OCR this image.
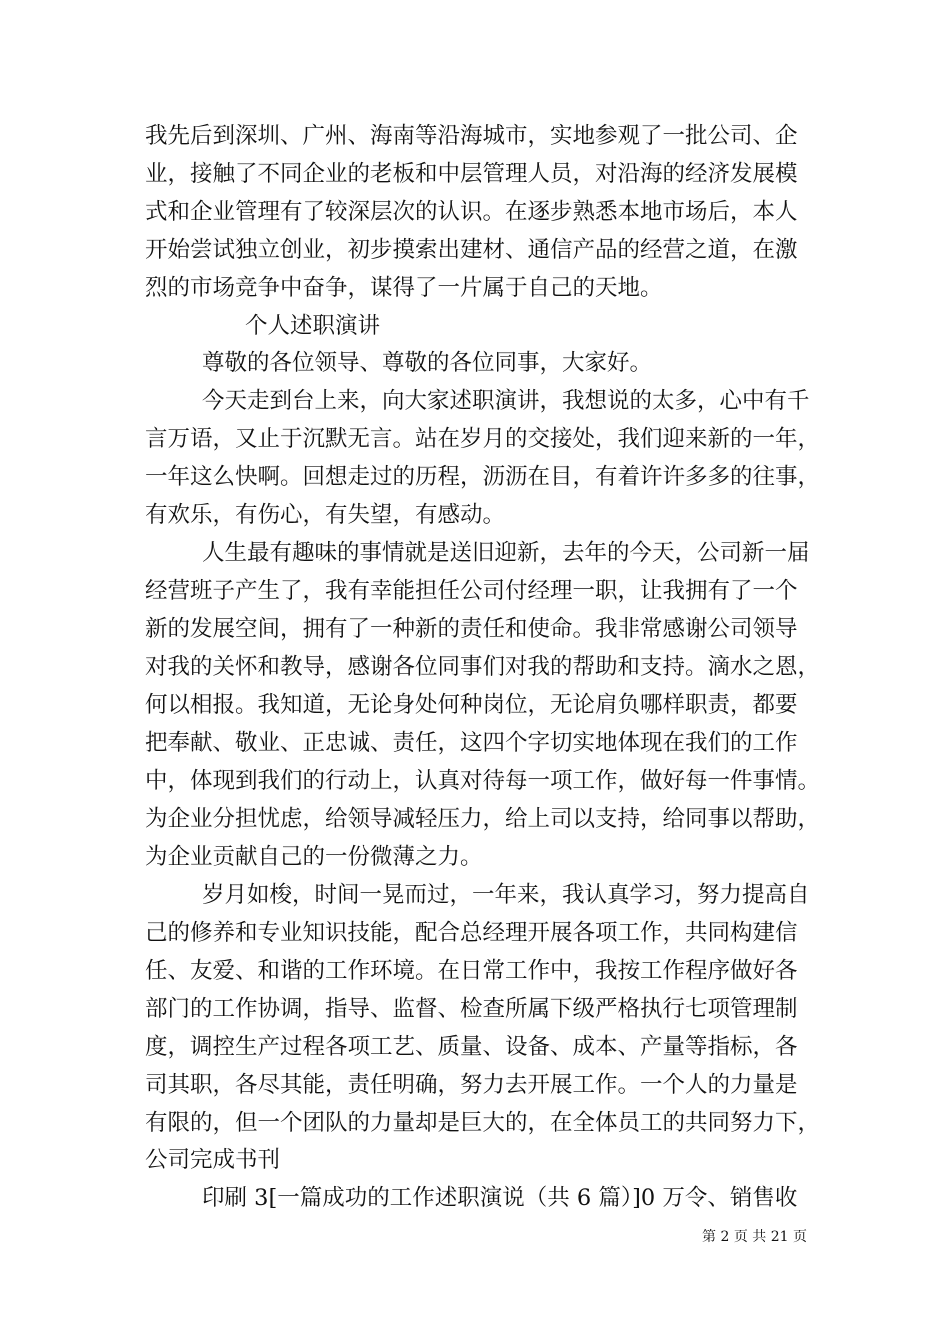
我先后到深圳、广州、海南等沿海城市，实地参观了一批公司、企
业，接触了不同企业的老板和中层管理人员，对沿海的经济发展模
式和企业管理有了较深层次的认识。在逐步熟悉本地市场后，本人
开始尝试独立创业，初步摸索出建材、通信产品的经营之道，在激
烈的市场竞争中奋争，谋得了一片属于自己的天地。
个人述职演讲
尊敬的各位领导、尊敬的各位同事，大家好。
今天走到台上来，向大家述职演讲，我想说的太多，心中有千
言万语，又止于沉默无言。站在岁月的交接处，我们迎来新的一年，
一年这么快啊。回想走过的历程，沥沥在目，有着许许多多的往事，
有欢乐，有伤心，有失望，有感动。
人生最有趣味的事情就是送旧迎新，去年的今天，公司新一届
经营班子产生了，我有幸能担任公司付经理一职，让我拥有了一个
新的发展空间，拥有了一种新的责任和使命。我非常感谢公司领导
对我的关怀和教导，感谢各位同事们对我的帮助和支持。滴水之恩，
何以相报。我知道，无论身处何种岗位，无论肩负哪样职责，都要
把奉献、敬业、正忠诚、责任，这四个字切实地体现在我们的工作
中，体现到我们的行动上，认真对待每一项工作，做好每一件事情。
为企业分担忧虑，给领导减轻压力，给上司以支持，给同事以帮助，
为企业贡献自己的一份微薄之力。
岁月如梭，时间一晃而过，一年来，我认真学习，努力提高自
己的修养和专业知识技能，配合总经理开展各项工作，共同构建信
任、友爱、和谐的工作环境。在日常工作中，我按工作程序做好各
部门的工作协调，指导、监督、检查所属下级严格执行七项管理制
度，调控生产过程各项工艺、质量、设备、成本、产量等指标，各
司其职，各尽其能，责任明确，努力去开展工作。一个人的力量是
有限的，但一个团队的力量却是巨大的，在全体员工的共同努力下，
公司完成书刊
印刷 3[一篇成功的工作述职演说（共 6 篇）]0 万令、销售收
第 2 页 共 21 页
